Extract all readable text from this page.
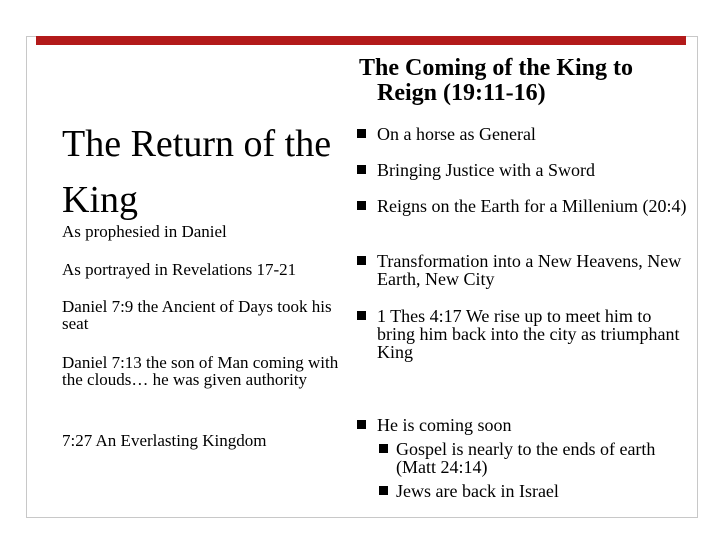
The Return of the King

As prophesied in Daniel

As portrayed in Revelations 17-21

Daniel 7:9 the Ancient of Days took his seat

Daniel 7:13 the son of Man coming with the clouds… he was given authority

7:27 An Everlasting Kingdom

The Coming of the King to
Reign (19:11-16)
On a horse as General
Bringing Justice with a Sword
Reigns on the Earth for a Millenium (20:4)
Transformation into a New Heavens, New Earth, New City
1 Thes 4:17 We rise up to meet him to bring him back into the city as triumphant King
He is coming soon
Gospel is nearly to the ends of earth (Matt 24:14)
Jews are back in Israel
